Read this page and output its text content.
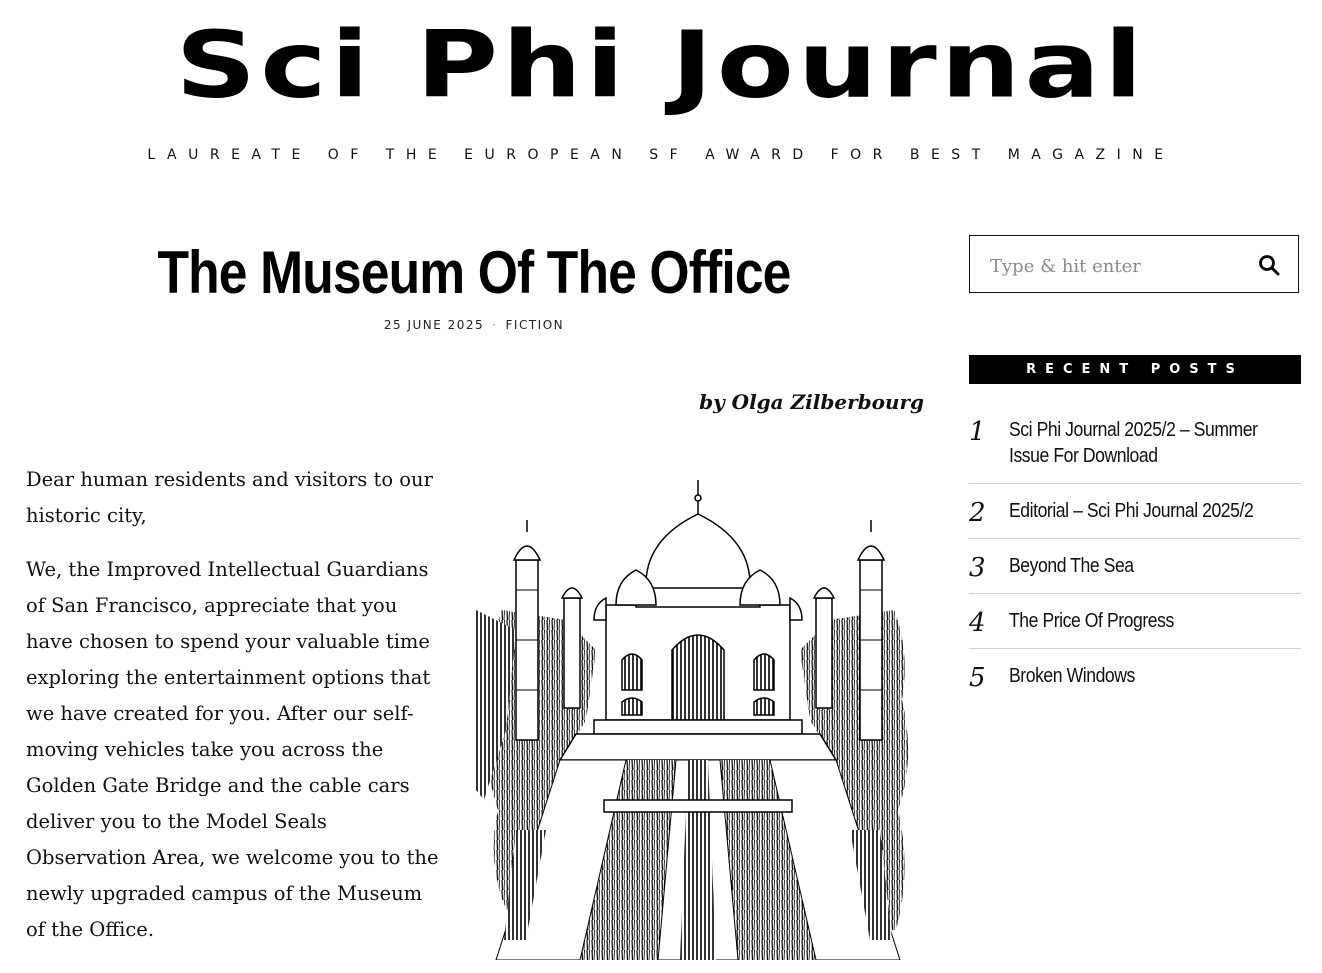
Sci Phi Journal
LAUREATE OF THE EUROPEAN SF AWARD FOR BEST MAGAZINE
The Museum Of The Office
25 JUNE 2025 · FICTION
by Olga Zilberbourg

Dear human residents and visitors to our historic city,

We, the Improved Intellectual Guardians of San Francisco, appreciate that you have chosen to spend your valuable time exploring the entertainment options that we have created for you. After our self-moving vehicles take you across the Golden Gate Bridge and the cable cars deliver you to the Model Seals Observation Area, we welcome you to the newly upgraded campus of the Museum of the Office.

Type & hit enter
RECENT POSTS
1 Sci Phi Journal 2025/2 – Summer Issue For Download
2 Editorial – Sci Phi Journal 2025/2
3 Beyond The Sea
4 The Price Of Progress
5 Broken Windows
